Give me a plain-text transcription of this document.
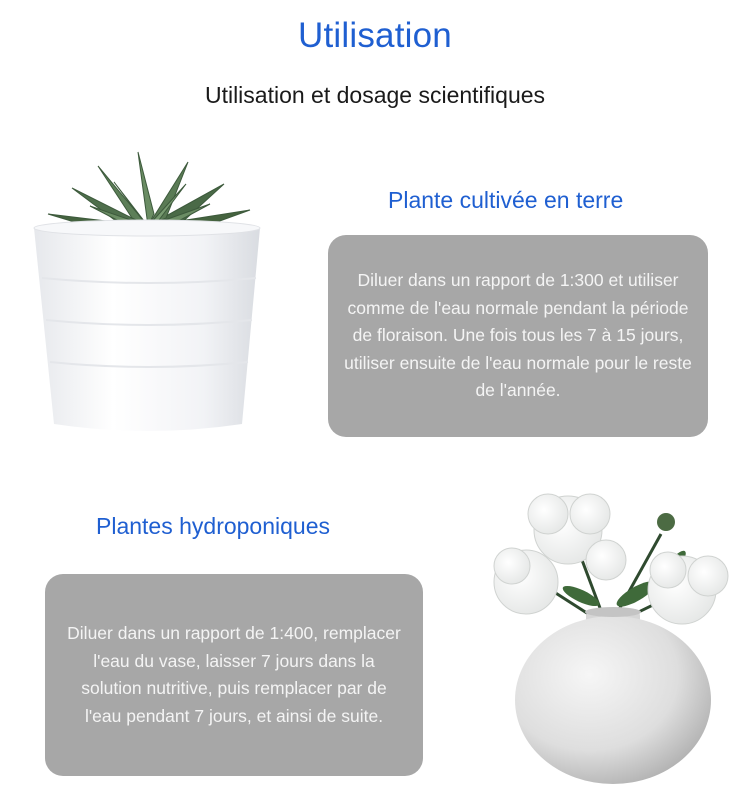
Utilisation
Utilisation et dosage scientifiques
Plante cultivée en terre
Diluer dans un rapport de 1:300 et utiliser comme de l'eau normale pendant la période de floraison. Une fois tous les 7 à 15 jours, utiliser ensuite de l'eau normale pour le reste de l'année.
Plantes hydroponiques
Diluer dans un rapport de 1:400, remplacer l'eau du vase, laisser 7 jours dans la solution nutritive, puis remplacer par de l'eau pendant 7 jours, et ainsi de suite.
